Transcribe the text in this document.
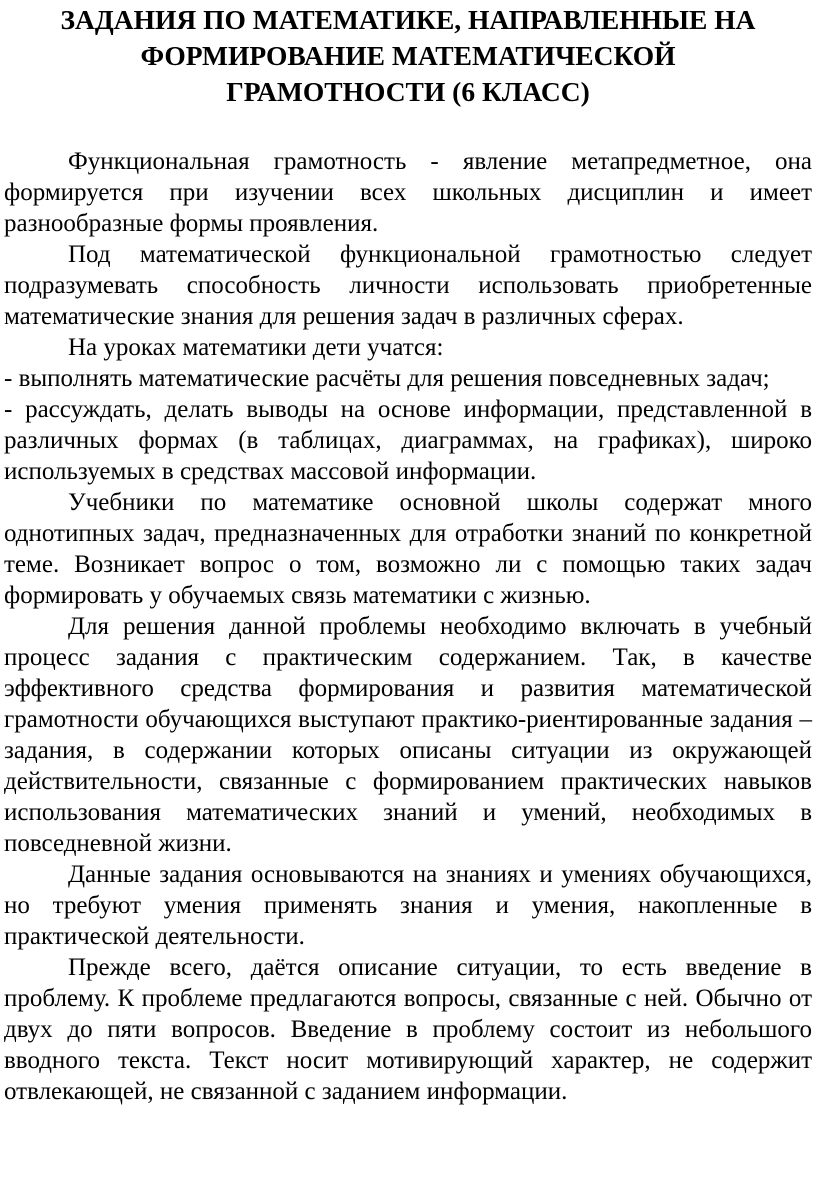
ЗАДАНИЯ ПО МАТЕМАТИКЕ, НАПРАВЛЕННЫЕ НА
ФОРМИРОВАНИЕ МАТЕМАТИЧЕСКОЙ
ГРАМОТНОСТИ (6 КЛАСС)

Функциональная грамотность - явление метапредметное, она формируется при изучении всех школьных дисциплин и имеет разнообразные формы проявления.

Под математической функциональной грамотностью следует подразумевать способность личности использовать приобретенные математические знания для решения задач в различных сферах.

На уроках математики дети учатся:

- выполнять математические расчёты для решения повседневных задач;

- рассуждать, делать выводы на основе информации, представленной в различных формах (в таблицах, диаграммах, на графиках), широко используемых в средствах массовой информации.

Учебники по математике основной школы содержат много однотипных задач, предназначенных для отработки знаний по конкретной теме. Возникает вопрос о том, возможно ли с помощью таких задач формировать у обучаемых связь математики с жизнью.

Для решения данной проблемы необходимо включать в учебный процесс задания с практическим содержанием. Так, в качестве эффективного средства формирования и развития математической грамотности обучающихся выступают практико-риентированные задания – задания, в содержании которых описаны ситуации из окружающей действительности, связанные с формированием практических навыков использования математических знаний и умений, необходимых в повседневной жизни.

Данные задания основываются на знаниях и умениях обучающихся, но требуют умения применять знания и умения, накопленные в практической деятельности.

Прежде всего, даётся описание ситуации, то есть введение в проблему. К проблеме предлагаются вопросы, связанные с ней. Обычно от двух до пяти вопросов. Введение в проблему состоит из небольшого вводного текста. Текст носит мотивирующий характер, не содержит отвлекающей, не связанной с заданием информации.
